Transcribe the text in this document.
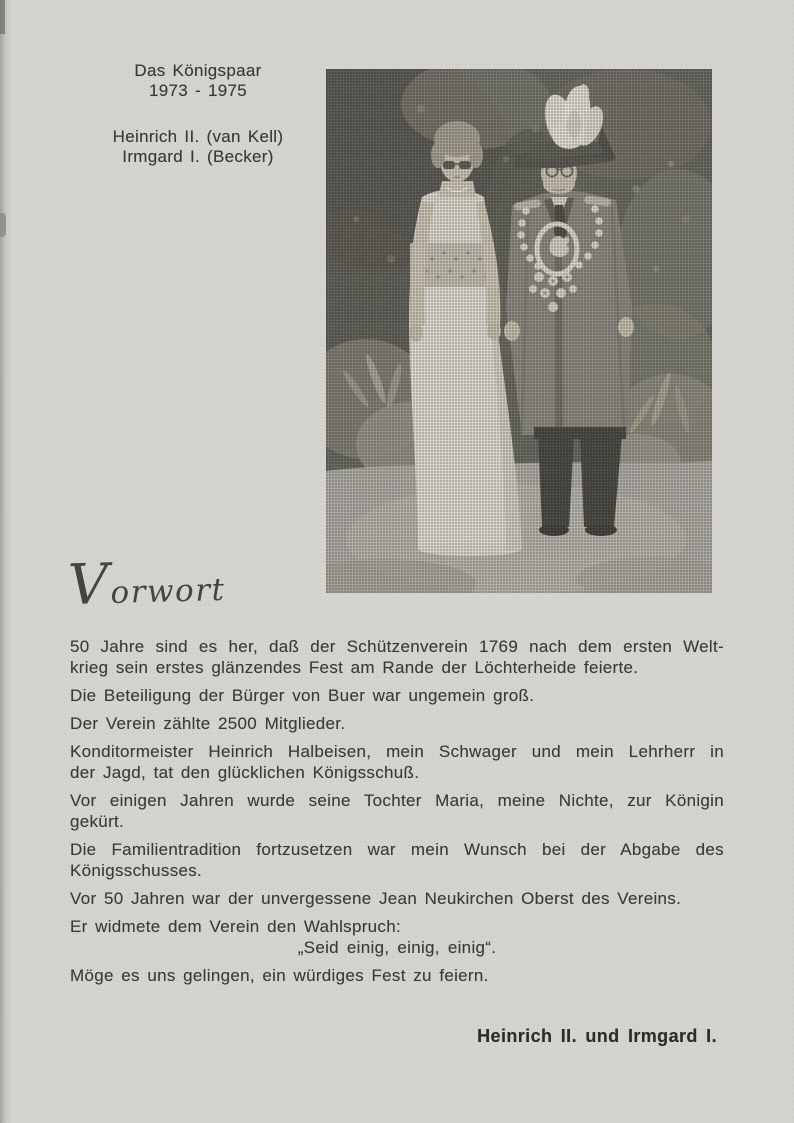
Das Königspaar
1973 - 1975
Heinrich II. (van Kell)
Irmgard I. (Becker)
Vorwort
50 Jahre sind es her, daß der Schützenverein 1769 nach dem ersten Welt-
krieg sein erstes glänzendes Fest am Rande der Löchterheide feierte.
Die Beteiligung der Bürger von Buer war ungemein groß.
Der Verein zählte 2500 Mitglieder.
Konditormeister Heinrich Halbeisen, mein Schwager und mein Lehrherr in
der Jagd, tat den glücklichen Königsschuß.
Vor einigen Jahren wurde seine Tochter Maria, meine Nichte, zur Königin
gekürt.
Die Familientradition fortzusetzen war mein Wunsch bei der Abgabe des
Königsschusses.
Vor 50 Jahren war der unvergessene Jean Neukirchen Oberst des Vereins.
Er widmete dem Verein den Wahlspruch:
„Seid einig, einig, einig“.
Möge es uns gelingen, ein würdiges Fest zu feiern.
Heinrich II. und Irmgard I.
